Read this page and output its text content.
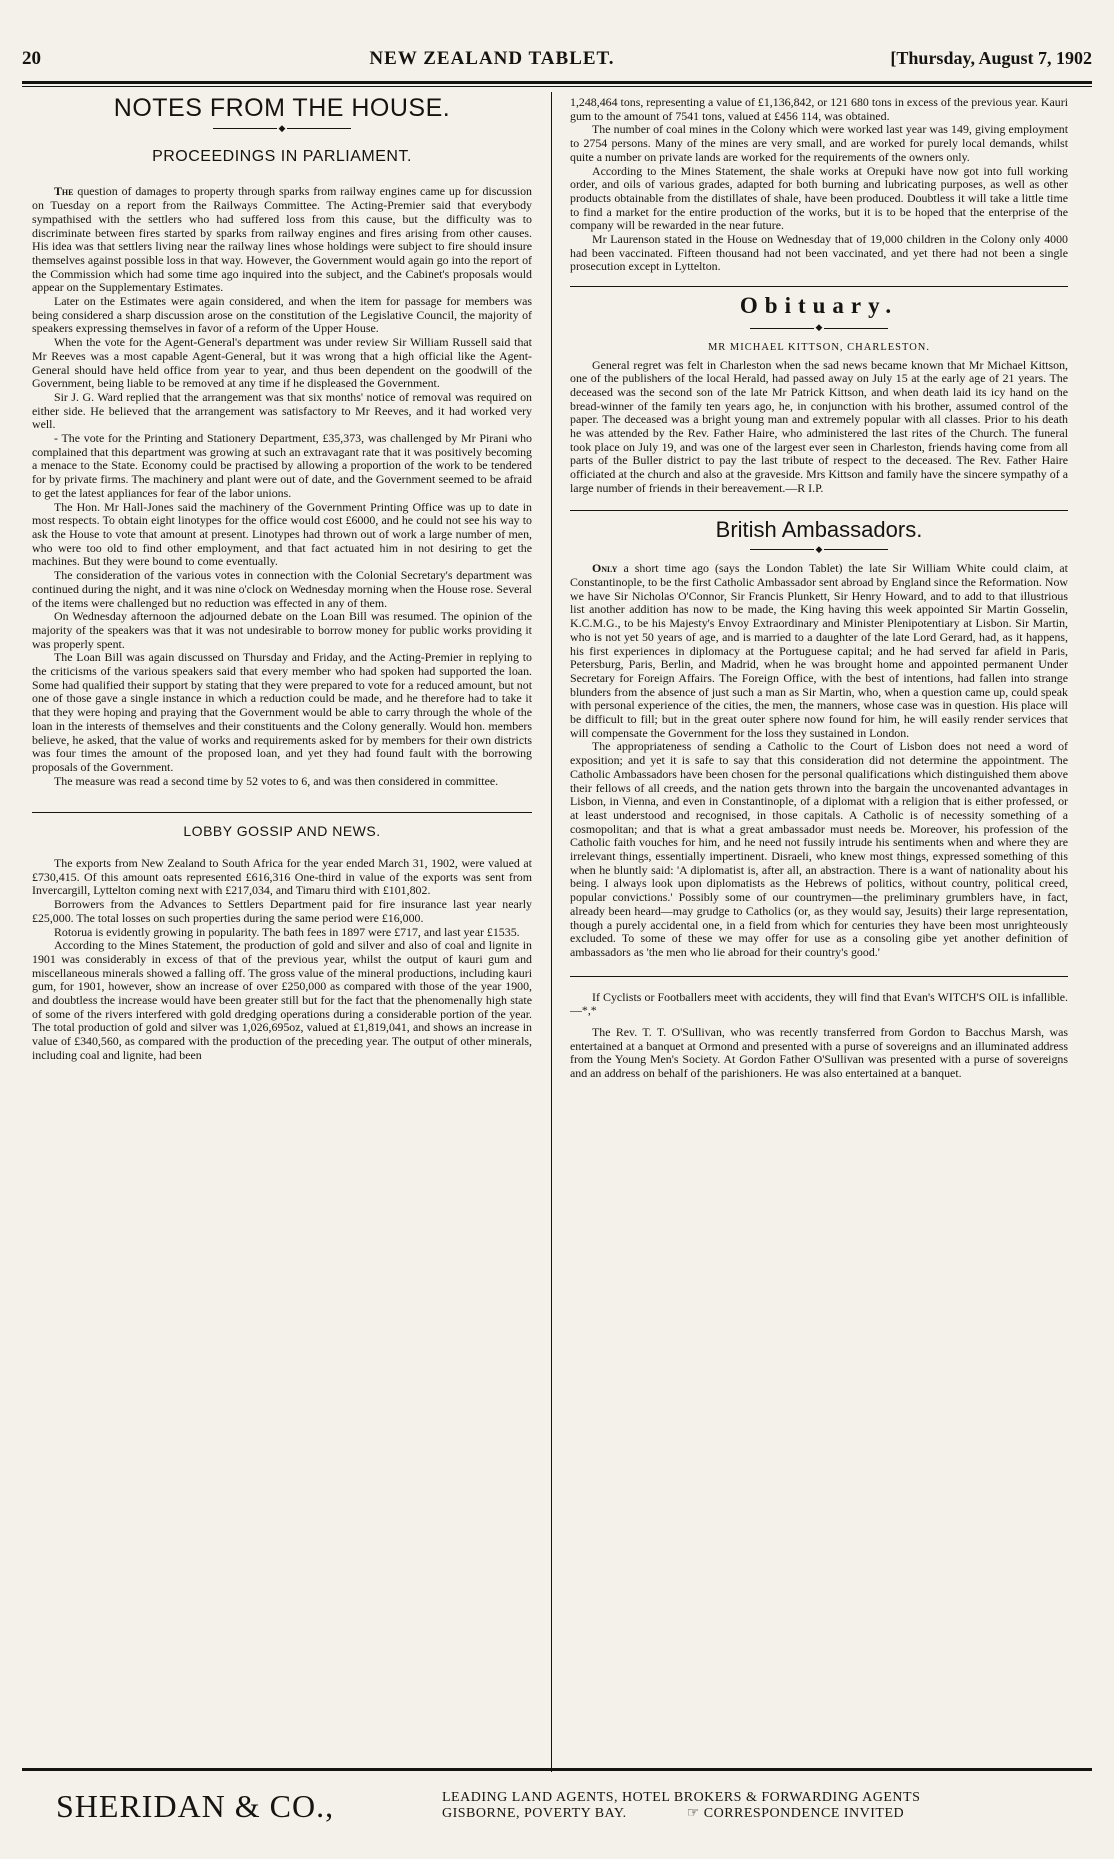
20	NEW ZEALAND TABLET.	[Thursday, August 7, 1902
NOTES FROM THE HOUSE.
◆
PROCEEDINGS IN PARLIAMENT.

The question of damages to property through sparks from railway engines came up for discussion on Tuesday on a report from the Railways Committee. The Acting-Premier said that everybody sympathised with the settlers who had suffered loss from this cause, but the difficulty was to discriminate between fires started by sparks from railway engines and fires arising from other causes. His idea was that settlers living near the railway lines whose holdings were subject to fire should insure themselves against possible loss in that way. However, the Government would again go into the report of the Commission which had some time ago inquired into the subject, and the Cabinet's proposals would appear on the Supplementary Estimates.

Later on the Estimates were again considered, and when the item for passage for members was being considered a sharp discussion arose on the constitution of the Legislative Council, the majority of speakers expressing themselves in favor of a reform of the Upper House.

When the vote for the Agent-General's department was under review Sir William Russell said that Mr Reeves was a most capable Agent-General, but it was wrong that a high official like the Agent-General should have held office from year to year, and thus been dependent on the goodwill of the Government, being liable to be removed at any time if he displeased the Government.

Sir J. G. Ward replied that the arrangement was that six months' notice of removal was required on either side. He believed that the arrangement was satisfactory to Mr Reeves, and it had worked very well.

- The vote for the Printing and Stationery Department, £35,373, was challenged by Mr Pirani who complained that this department was growing at such an extravagant rate that it was positively becoming a menace to the State. Economy could be practised by allowing a proportion of the work to be tendered for by private firms. The machinery and plant were out of date, and the Government seemed to be afraid to get the latest appliances for fear of the labor unions.

The Hon. Mr Hall-Jones said the machinery of the Government Printing Office was up to date in most respects. To obtain eight linotypes for the office would cost £6000, and he could not see his way to ask the House to vote that amount at present. Linotypes had thrown out of work a large number of men, who were too old to find other employment, and that fact actuated him in not desiring to get the machines. But they were bound to come eventually.

The consideration of the various votes in connection with the Colonial Secretary's department was continued during the night, and it was nine o'clock on Wednesday morning when the House rose. Several of the items were challenged but no reduction was effected in any of them.

On Wednesday afternoon the adjourned debate on the Loan Bill was resumed. The opinion of the majority of the speakers was that it was not undesirable to borrow money for public works providing it was properly spent.

The Loan Bill was again discussed on Thursday and Friday, and the Acting-Premier in replying to the criticisms of the various speakers said that every member who had spoken had supported the loan. Some had qualified their support by stating that they were prepared to vote for a reduced amount, but not one of those gave a single instance in which a reduction could be made, and he therefore had to take it that they were hoping and praying that the Government would be able to carry through the whole of the loan in the interests of themselves and their constituents and the Colony generally. Would hon. members believe, he asked, that the value of works and requirements asked for by members for their own districts was four times the amount of the proposed loan, and yet they had found fault with the borrowing proposals of the Government.

The measure was read a second time by 52 votes to 6, and was then considered in committee.

LOBBY GOSSIP AND NEWS.

The exports from New Zealand to South Africa for the year ended March 31, 1902, were valued at £730,415. Of this amount oats represented £616,316 One-third in value of the exports was sent from Invercargill, Lyttelton coming next with £217,034, and Timaru third with £101,802.

Borrowers from the Advances to Settlers Department paid for fire insurance last year nearly £25,000. The total losses on such properties during the same period were £16,000.

Rotorua is evidently growing in popularity. The bath fees in 1897 were £717, and last year £1535.

According to the Mines Statement, the production of gold and silver and also of coal and lignite in 1901 was considerably in excess of that of the previous year, whilst the output of kauri gum and miscellaneous minerals showed a falling off. The gross value of the mineral productions, including kauri gum, for 1901, however, show an increase of over £250,000 as compared with those of the year 1900, and doubtless the increase would have been greater still but for the fact that the phenomenally high state of some of the rivers interfered with gold dredging operations during a considerable portion of the year. The total production of gold and silver was 1,026,695oz, valued at £1,819,041, and shows an increase in value of £340,560, as compared with the production of the preceding year. The output of other minerals, including coal and lignite, had been

1,248,464 tons, representing a value of £1,136,842, or 121 680 tons in excess of the previous year. Kauri gum to the amount of 7541 tons, valued at £456 114, was obtained.

The number of coal mines in the Colony which were worked last year was 149, giving employment to 2754 persons. Many of the mines are very small, and are worked for purely local demands, whilst quite a number on private lands are worked for the requirements of the owners only.

According to the Mines Statement, the shale works at Orepuki have now got into full working order, and oils of various grades, adapted for both burning and lubricating purposes, as well as other products obtainable from the distillates of shale, have been produced. Doubtless it will take a little time to find a market for the entire production of the works, but it is to be hoped that the enterprise of the company will be rewarded in the near future.

Mr Laurenson stated in the House on Wednesday that of 19,000 children in the Colony only 4000 had been vaccinated. Fifteen thousand had not been vaccinated, and yet there had not been a single prosecution except in Lyttelton.

Obituary.
◆
MR MICHAEL KITTSON, CHARLESTON.

General regret was felt in Charleston when the sad news became known that Mr Michael Kittson, one of the publishers of the local Herald, had passed away on July 15 at the early age of 21 years. The deceased was the second son of the late Mr Patrick Kittson, and when death laid its icy hand on the bread-winner of the family ten years ago, he, in conjunction with his brother, assumed control of the paper. The deceased was a bright young man and extremely popular with all classes. Prior to his death he was attended by the Rev. Father Haire, who administered the last rites of the Church. The funeral took place on July 19, and was one of the largest ever seen in Charleston, friends having come from all parts of the Buller district to pay the last tribute of respect to the deceased. The Rev. Father Haire officiated at the church and also at the graveside. Mrs Kittson and family have the sincere sympathy of a large number of friends in their bereavement.—R I.P.

British Ambassadors.
◆

Only a short time ago (says the London Tablet) the late Sir William White could claim, at Constantinople, to be the first Catholic Ambassador sent abroad by England since the Reformation. Now we have Sir Nicholas O'Connor, Sir Francis Plunkett, Sir Henry Howard, and to add to that illustrious list another addition has now to be made, the King having this week appointed Sir Martin Gosselin, K.C.M.G., to be his Majesty's Envoy Extraordinary and Minister Plenipotentiary at Lisbon. Sir Martin, who is not yet 50 years of age, and is married to a daughter of the late Lord Gerard, had, as it happens, his first experiences in diplomacy at the Portuguese capital; and he had served far afield in Paris, Petersburg, Paris, Berlin, and Madrid, when he was brought home and appointed permanent Under Secretary for Foreign Affairs. The Foreign Office, with the best of intentions, had fallen into strange blunders from the absence of just such a man as Sir Martin, who, when a question came up, could speak with personal experience of the cities, the men, the manners, whose case was in question. His place will be difficult to fill; but in the great outer sphere now found for him, he will easily render services that will compensate the Government for the loss they sustained in London.

The appropriateness of sending a Catholic to the Court of Lisbon does not need a word of exposition; and yet it is safe to say that this consideration did not determine the appointment. The Catholic Ambassadors have been chosen for the personal qualifications which distinguished them above their fellows of all creeds, and the nation gets thrown into the bargain the uncovenanted advantages in Lisbon, in Vienna, and even in Constantinople, of a diplomat with a religion that is either professed, or at least understood and recognised, in those capitals. A Catholic is of necessity something of a cosmopolitan; and that is what a great ambassador must needs be. Moreover, his profession of the Catholic faith vouches for him, and he need not fussily intrude his sentiments when and where they are irrelevant things, essentially impertinent. Disraeli, who knew most things, expressed something of this when he bluntly said: 'A diplomatist is, after all, an abstraction. There is a want of nationality about his being. I always look upon diplomatists as the Hebrews of politics, without country, political creed, popular convictions.' Possibly some of our countrymen—the preliminary grumblers have, in fact, already been heard—may grudge to Catholics (or, as they would say, Jesuits) their large representation, though a purely accidental one, in a field from which for centuries they have been most unrighteously excluded. To some of these we may offer for use as a consoling gibe yet another definition of ambassadors as 'the men who lie abroad for their country's good.'

If Cyclists or Footballers meet with accidents, they will find that Evan's WITCH'S OIL is infallible.—*,*

The Rev. T. T. O'Sullivan, who was recently transferred from Gordon to Bacchus Marsh, was entertained at a banquet at Ormond and presented with a purse of sovereigns and an illuminated address from the Young Men's Society. At Gordon Father O'Sullivan was presented with a purse of sovereigns and an address on behalf of the parishioners. He was also entertained at a banquet.

SHERIDAN & CO.,	LEADING LAND AGENTS, HOTEL BROKERS & FORWARDING AGENTS
GISBORNE, POVERTY BAY.	☞ CORRESPONDENCE INVITED
